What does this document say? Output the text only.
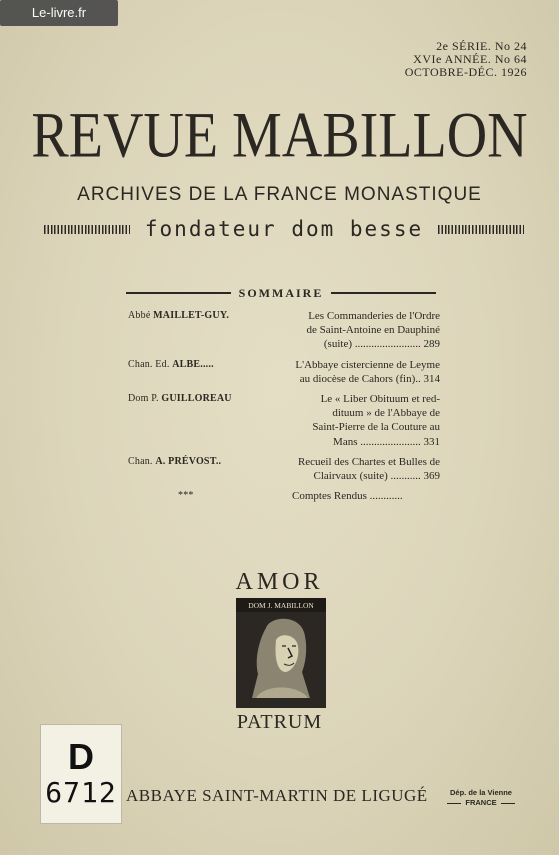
Le-livre.fr
2e SÉRIE. No 24
XVIe ANNÉE. No 64
OCTOBRE-DÉC. 1926
REVUE MABILLON
ARCHIVES DE LA FRANCE MONASTIQUE
fondateur dom besse
SOMMAIRE
Abbé MAILLET-GUY.	Les Commanderies de l'Ordre
de Saint-Antoine en Dauphiné
(suite) ........................ 289
Chan. Ed. ALBE.....	L'Abbaye cistercienne de Leyme
au diocèse de Cahors (fin).. 314
Dom P. GUILLOREAU	Le « Liber Obituum et red-
dituum » de l'Abbaye de
Saint-Pierre de la Couture au
Mans ...................... 331
Chan. A. PRÉVOST..	Recueil des Chartes et Bulles de
Clairvaux (suite) ........... 369
***	Comptes Rendus ............
AMOR
DOM J. MABILLON
PATRUM
D
6712 ABBAYE SAINT-MARTIN DE LIGUGÉ	Dép. de la Vienne
FRANCE
